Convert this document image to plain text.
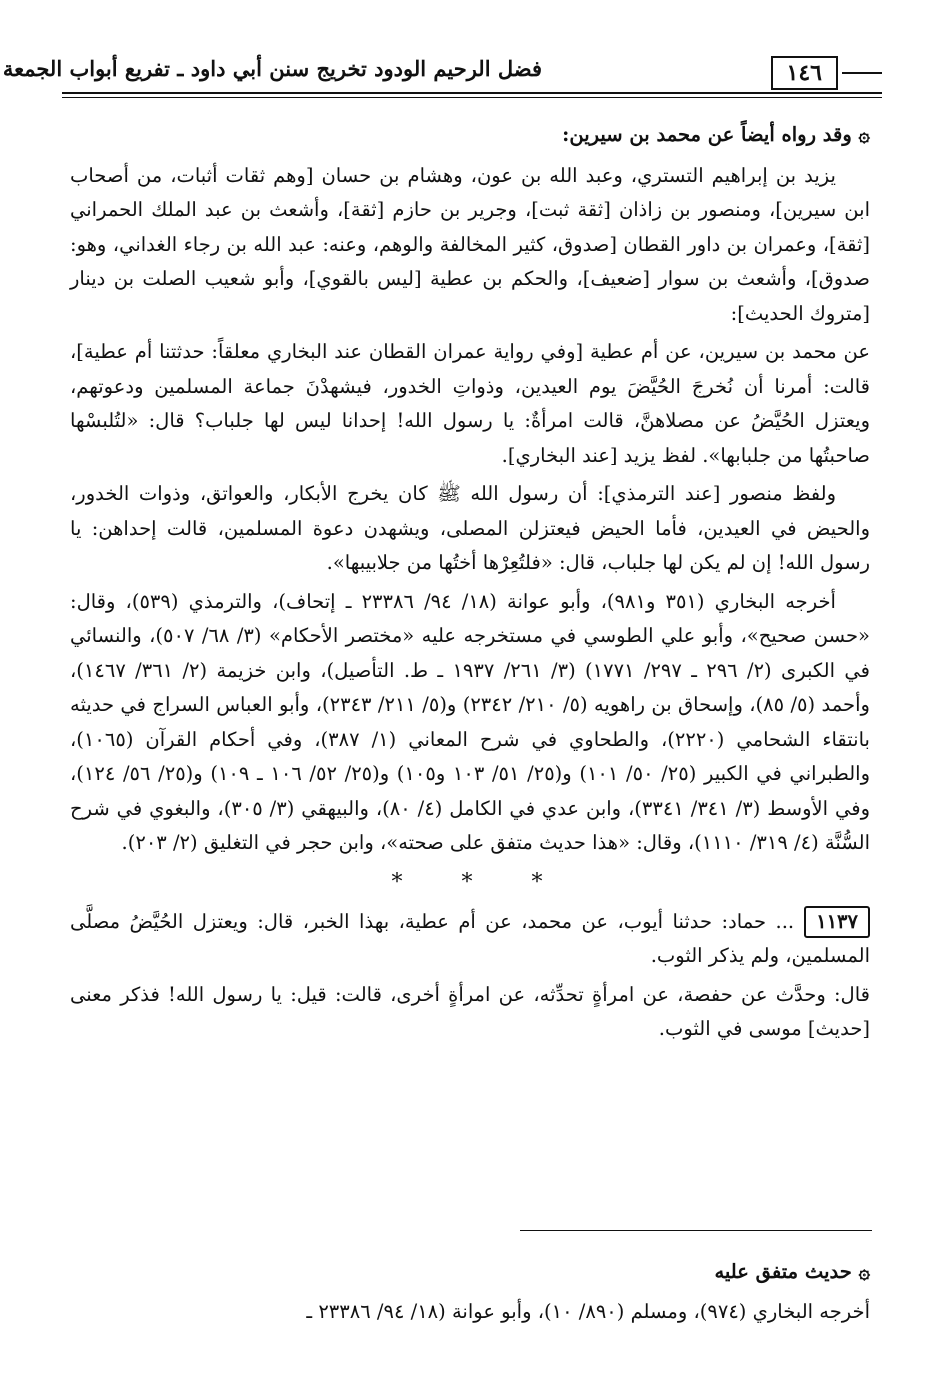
فضل الرحيم الودود تخريج سنن أبي داود ـ تفريع أبواب الجمعة	١٤٦

۞ وقد رواه أيضاً عن محمد بن سيرين:

يزيد بن إبراهيم التستري، وعبد الله بن عون، وهشام بن حسان [وهم ثقات أثبات، من أصحاب ابن سيرين]، ومنصور بن زاذان [ثقة ثبت]، وجرير بن حازم [ثقة]، وأشعث بن عبد الملك الحمراني [ثقة]، وعمران بن داور القطان [صدوق، كثير المخالفة والوهم، وعنه: عبد الله بن رجاء الغداني، وهو: صدوق]، وأشعث بن سوار [ضعيف]، والحكم بن عطية [ليس بالقوي]، وأبو شعيب الصلت بن دينار [متروك الحديث]:

عن محمد بن سيرين، عن أم عطية [وفي رواية عمران القطان عند البخاري معلقاً: حدثتنا أم عطية]، قالت: أمرنا أن نُخرجَ الحُيَّضَ يوم العيدين، وذواتِ الخدور، فيشهدْنَ جماعة المسلمين ودعوتهم، ويعتزل الحُيَّضُ عن مصلاهنَّ، قالت امرأةٌ: يا رسول الله! إحدانا ليس لها جلباب؟ قال: «لتُلبسْها صاحبتُها من جلبابها». لفظ يزيد [عند البخاري].

ولفظ منصور [عند الترمذي]: أن رسول الله ﷺ كان يخرج الأبكار، والعواتق، وذوات الخدور، والحيض في العيدين، فأما الحيض فيعتزلن المصلى، ويشهدن دعوة المسلمين، قالت إحداهن: يا رسول الله! إن لم يكن لها جلباب، قال: «فلتُعِرْها أختُها من جلابيبها».

أخرجه البخاري (٣٥١ و٩٨١)، وأبو عوانة (١٨/ ٩٤/ ٢٣٣٨٦ ـ إتحاف)، والترمذي (٥٣٩)، وقال: «حسن صحيح»، وأبو علي الطوسي في مستخرجه عليه «مختصر الأحكام» (٣/ ٦٨/ ٥٠٧)، والنسائي في الكبرى (٢/ ٢٩٦ ـ ٢٩٧/ ١٧٧١) (٣/ ٢٦١/ ١٩٣٧ ـ ط. التأصيل)، وابن خزيمة (٢/ ٣٦١/ ١٤٦٧)، وأحمد (٥/ ٨٥)، وإسحاق بن راهويه (٥/ ٢١٠/ ٢٣٤٢) و(٥/ ٢١١/ ٢٣٤٣)، وأبو العباس السراج في حديثه بانتقاء الشحامي (٢٢٢٠)، والطحاوي في شرح المعاني (١/ ٣٨٧)، وفي أحكام القرآن (١٠٦٥)، والطبراني في الكبير (٢٥/ ٥٠/ ١٠١) و(٢٥/ ٥١/ ١٠٣ و١٠٥) و(٢٥/ ٥٢/ ١٠٦ ـ ١٠٩) و(٢٥/ ٥٦/ ١٢٤)، وفي الأوسط (٣/ ٣٤١/ ٣٣٤١)، وابن عدي في الكامل (٤/ ٨٠)، والبيهقي (٣/ ٣٠٥)، والبغوي في شرح السُّنَّة (٤/ ٣١٩/ ١١١٠)، وقال: «هذا حديث متفق على صحته»، وابن حجر في التغليق (٢/ ٢٠٣).

* * *

١١٣٧... حماد: حدثنا أيوب، عن محمد، عن أم عطية، بهذا الخبر، قال: ويعتزل الحُيَّضُ مصلَّى المسلمين، ولم يذكر الثوب.

قال: وحدَّث عن حفصة، عن امرأةٍ تحدِّثه، عن امرأةٍ أخرى، قالت: قيل: يا رسول الله! فذكر معنى [حديث] موسى في الثوب.

۞ حديث متفق عليه

أخرجه البخاري (٩٧٤)، ومسلم (٨٩٠/ ١٠)، وأبو عوانة (١٨/ ٩٤/ ٢٣٣٨٦ ـ
